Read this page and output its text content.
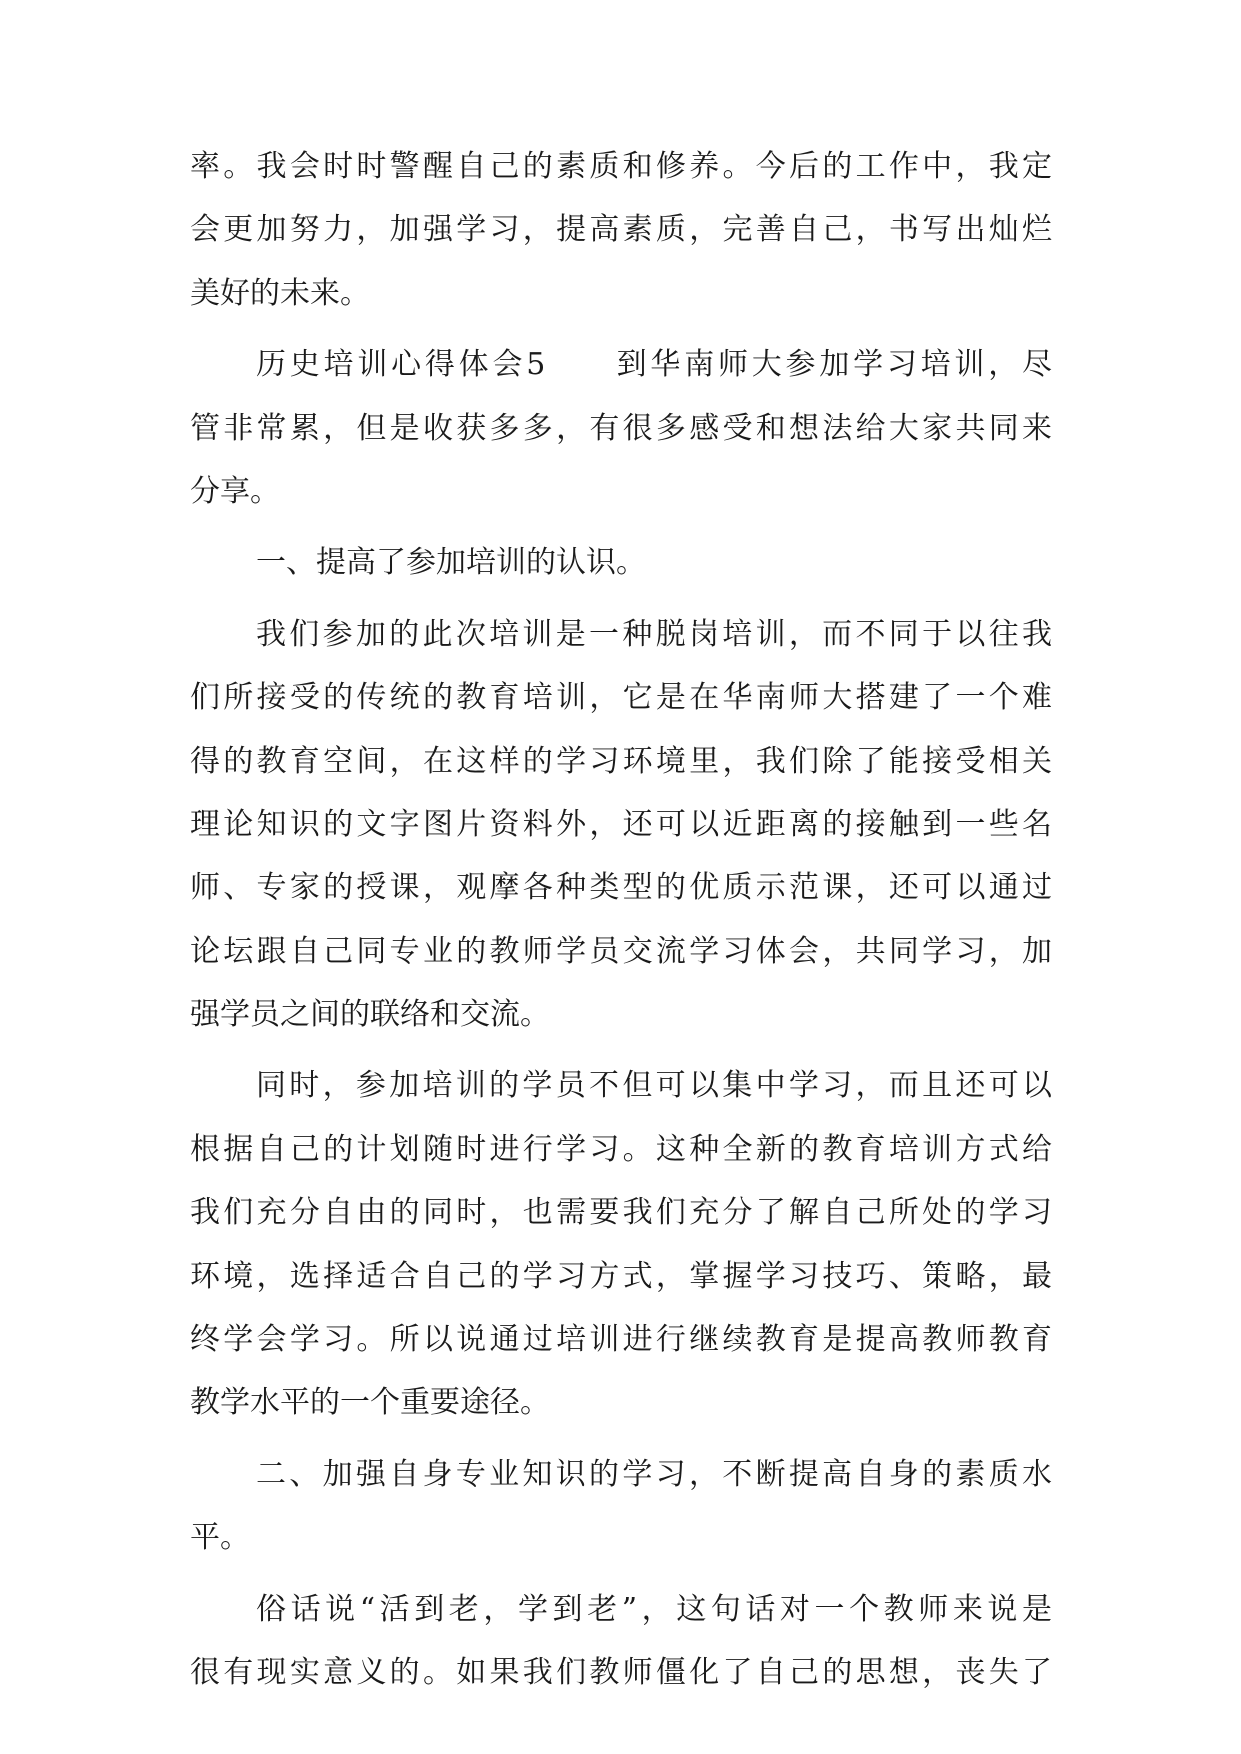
率。我会时时警醒自己的素质和修养。今后的工作中，我定
会更加努力，加强学习，提高素质，完善自己，书写出灿烂
美好的未来。
历史培训心得体会5　　到华南师大参加学习培训，尽
管非常累，但是收获多多，有很多感受和想法给大家共同来
分享。
一、提高了参加培训的认识。
我们参加的此次培训是一种脱岗培训，而不同于以往我
们所接受的传统的教育培训，它是在华南师大搭建了一个难
得的教育空间，在这样的学习环境里，我们除了能接受相关
理论知识的文字图片资料外，还可以近距离的接触到一些名
师、专家的授课，观摩各种类型的优质示范课，还可以通过
论坛跟自己同专业的教师学员交流学习体会，共同学习，加
强学员之间的联络和交流。
同时，参加培训的学员不但可以集中学习，而且还可以
根据自己的计划随时进行学习。这种全新的教育培训方式给
我们充分自由的同时，也需要我们充分了解自己所处的学习
环境，选择适合自己的学习方式，掌握学习技巧、策略，最
终学会学习。所以说通过培训进行继续教育是提高教师教育
教学水平的一个重要途径。
二、加强自身专业知识的学习，不断提高自身的素质水
平。
俗话说“活到老，学到老”，这句话对一个教师来说是
很有现实意义的。如果我们教师僵化了自己的思想，丧失了
